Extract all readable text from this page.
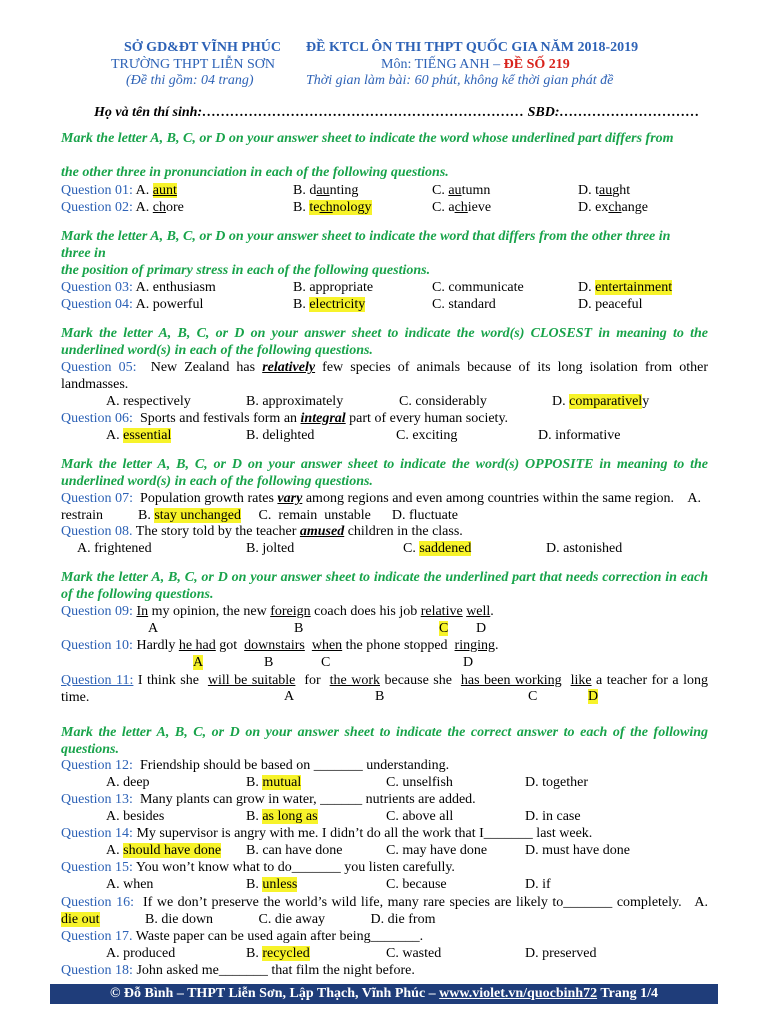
SỞ GD&ĐT VĨNH PHÚC
TRƯỜNG THPT LIỄN SƠN
(Đề thi gồm: 04 trang)
ĐỀ KTCL ÔN THI THPT QUỐC GIA NĂM 2018-2019
Môn: TIẾNG ANH – ĐỀ SỐ 219
Thời gian làm bài: 60 phút, không kể thời gian phát đề
Họ và tên thí sinh:…………………………………………………………… SBD:…………………………
Mark the letter A, B, C, or D on your answer sheet to indicate the word whose underlined part differs from
the other three in pronunciation in each of the following questions.
Question 01: A. aunt	B. daunting	C. autumn	D. taught
Question 02: A. chore	B. technology	C. achieve	D. exchange
Mark the letter A, B, C, or D on your answer sheet to indicate the word that differs from the other three in
three in
the position of primary stress in each of the following questions.
Question 03: A. enthusiasm	B. appropriate	C. communicate	D. entertainment
Question 04: A. powerful	B. electricity	C. standard	D. peaceful
Mark the letter A, B, C, or D on your answer sheet to indicate the word(s) CLOSEST in meaning to the underlined word(s) in each of the following questions.
Question 05:  New Zealand has relatively few species of animals because of its long isolation from other landmasses.
A. respectively	B. approximately	C. considerably	D. comparatively
Question 06:  Sports and festivals form an integral part of every human society.
A. essential	B. delighted	C. exciting	D. informative
Mark the letter A, B, C, or D on your answer sheet to indicate the word(s) OPPOSITE in meaning to the underlined word(s) in each of the following questions.
Question 07:  Population growth rates vary among regions and even among countries within the same region.    A.   restrain          B. stay unchanged     C.  remain  unstable      D. fluctuate
Question 08. The story told by the teacher amused children in the class.
A. frightened	B. jolted	C. saddened	D. astonished
Mark the letter A, B, C, or D on your answer sheet to indicate the underlined part that needs correction in each of the following questions.
Question 09: In my opinion, the new foreign coach does his job relative well.
A	B	C D
Question 10: Hardly he had got  downstairs when the phone stopped  ringing.
A	B	C	D
Question 11: I think she  will be suitable  for  the work because she  has been working like a teacher for a long time.	A	B	C	D
Mark the letter A, B, C, or D on your answer sheet to indicate the correct answer to each of the following questions.
Question 12:  Friendship should be based on _______ understanding.
A. deep	B. mutual	C. unselfish	D. together
Question 13:  Many plants can grow in water, ______ nutrients are added.
A. besides	B. as long as	C. above all	D. in case
Question 14: My supervisor is angry with me. I didn’t do all the work that I_______ last week.
A. should have done B. can have done	C. may have done	D. must have done
Question 15: You won’t know what to do_______ you listen carefully.
A. when	B. unless	C. because	D. if
Question 16:  If we don’t preserve the world’s wild life, many rare species are likely to_______ completely.   A. die out             B. die down             C. die away             D. die from
Question 17. Waste paper can be used again after being_______.
A. produced	B. recycled	C. wasted	D. preserved
Question 18: John asked me_______ that film the night before.
© Đỗ Bình – THPT Liễn Sơn, Lập Thạch, Vĩnh Phúc – www.violet.vn/quocbinh72 Trang 1/4
